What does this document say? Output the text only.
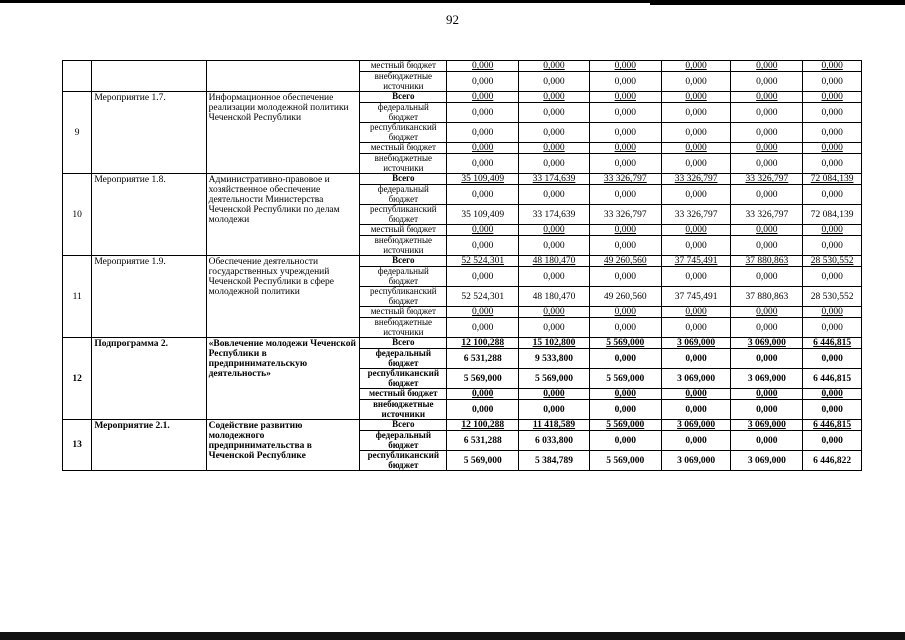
92
			местный бюджет	0,000	0,000	0,000	0,000	0,000	0,000
			внебюджетные источники	0,000	0,000	0,000	0,000	0,000	0,000
9	Мероприятие 1.7.	Информационное обеспечение реализации молодежной политики Чеченской Республики	Всего	0,000	0,000	0,000	0,000	0,000	0,000
			федеральный бюджет	0,000	0,000	0,000	0,000	0,000	0,000
			республиканский бюджет	0,000	0,000	0,000	0,000	0,000	0,000
			местный бюджет	0,000	0,000	0,000	0,000	0,000	0,000
			внебюджетные источники	0,000	0,000	0,000	0,000	0,000	0,000
10	Мероприятие 1.8.	Административно-правовое и хозяйственное обеспечение деятельности Министерства Чеченской Республики по делам молодежи	Всего	35 109,409	33 174,639	33 326,797	33 326,797	33 326,797	72 084,139
			федеральный бюджет	0,000	0,000	0,000	0,000	0,000	0,000
			республиканский бюджет	35 109,409	33 174,639	33 326,797	33 326,797	33 326,797	72 084,139
			местный бюджет	0,000	0,000	0,000	0,000	0,000	0,000
			внебюджетные источники	0,000	0,000	0,000	0,000	0,000	0,000
11	Мероприятие 1.9.	Обеспечение деятельности государственных учреждений Чеченской Республики в сфере молодежной политики	Всего	52 524,301	48 180,470	49 260,560	37 745,491	37 880,863	28 530,552
			федеральный бюджет	0,000	0,000	0,000	0,000	0,000	0,000
			республиканский бюджет	52 524,301	48 180,470	49 260,560	37 745,491	37 880,863	28 530,552
			местный бюджет	0,000	0,000	0,000	0,000	0,000	0,000
			внебюджетные источники	0,000	0,000	0,000	0,000	0,000	0,000
12	Подпрограмма 2.	«Вовлечение молодежи Чеченской Республики в предпринимательскую деятельность»	Всего	12 100,288	15 102,800	5 569,000	3 069,000	3 069,000	6 446,815
			федеральный бюджет	6 531,288	9 533,800	0,000	0,000	0,000	0,000
			республиканский бюджет	5 569,000	5 569,000	5 569,000	3 069,000	3 069,000	6 446,815
			местный бюджет	0,000	0,000	0,000	0,000	0,000	0,000
			внебюджетные источники	0,000	0,000	0,000	0,000	0,000	0,000
13	Мероприятие 2.1.	Содействие развитию молодежного предпринимательства в Чеченской Республике	Всего	12 100,288	11 418,589	5 569,000	3 069,000	3 069,000	6 446,815
			федеральный бюджет	6 531,288	6 033,800	0,000	0,000	0,000	0,000
			республиканский бюджет	5 569,000	5 384,789	5 569,000	3 069,000	3 069,000	6 446,822
